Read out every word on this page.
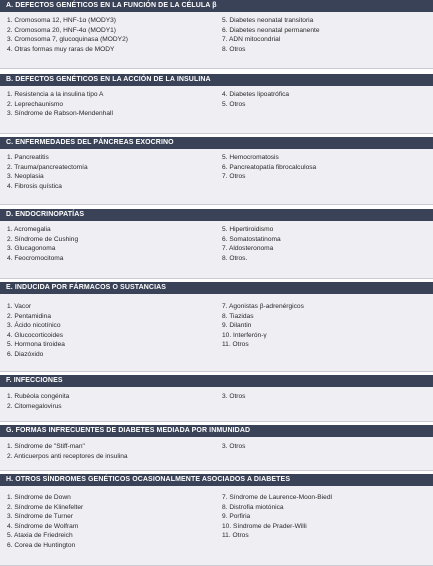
A. DEFECTOS GENÉTICOS EN LA FUNCIÓN DE LA CÉLULA β
1. Cromosoma 12, HNF-1α (MODY3)
2. Cromosoma 20, HNF-4α (MODY1)
3. Cromosoma 7, glucoquinasa (MODY2)
4. Otras formas muy raras de MODY
5. Diabetes neonatal transitoria
6. Diabetes neonatal permanente
7. ADN mitocondrial
8. Otros
B. DEFECTOS GENÉTICOS EN LA ACCIÓN DE LA INSULINA
1. Resistencia a la insulina tipo A
2. Leprechaunismo
3. Síndrome de Rabson-Mendenhall
4. Diabetes lipoatrófica
5. Otros
C. ENFERMEDADES DEL PÁNCREAS EXOCRINO
1. Pancreatitis
2. Trauma/pancreatectomía
3. Neoplasia
4. Fibrosis quística
5. Hemocromatosis
6. Pancreatopatía fibrocalculosa
7. Otros
D. ENDOCRINOPATÍAS
1. Acromegalia
2. Síndrome de Cushing
3. Glucagonoma
4. Feocromocitoma
5. Hipertiroidismo
6. Somatostatinoma
7. Aldosteronoma
8. Otros.
E. INDUCIDA POR FÁRMACOS O SUSTANCIAS
1. Vacor
2. Pentamidina
3. Ácido nicotínico
4. Glucocorticoides
5. Hormona tiroidea
6. Diazóxido
7. Agonistas β-adrenérgicos
8. Tiazidas
9. Dilantin
10. Interferón-γ
11. Otros
F. INFECCIONES
1. Rubéola congénita
2. Citomegalovirus
3. Otros
G. FORMAS INFRECUENTES DE DIABETES MEDIADA POR INMUNIDAD
1. Síndrome de "Stiff-man"
2. Anticuerpos anti receptores de insulina
3. Otros
H. OTROS SÍNDROMES GENÉTICOS OCASIONALMENTE ASOCIADOS A DIABETES
1. Síndrome de Down
2. Síndrome de Klinefelter
3. Síndrome de Turner
4. Síndrome de Wolfram
5. Ataxia de Friedreich
6. Corea de Huntington
7. Síndrome de Laurence-Moon-Biedl
8. Distrofia miotónica
9. Porfiria
10. Síndrome de Prader-Willi
11. Otros
